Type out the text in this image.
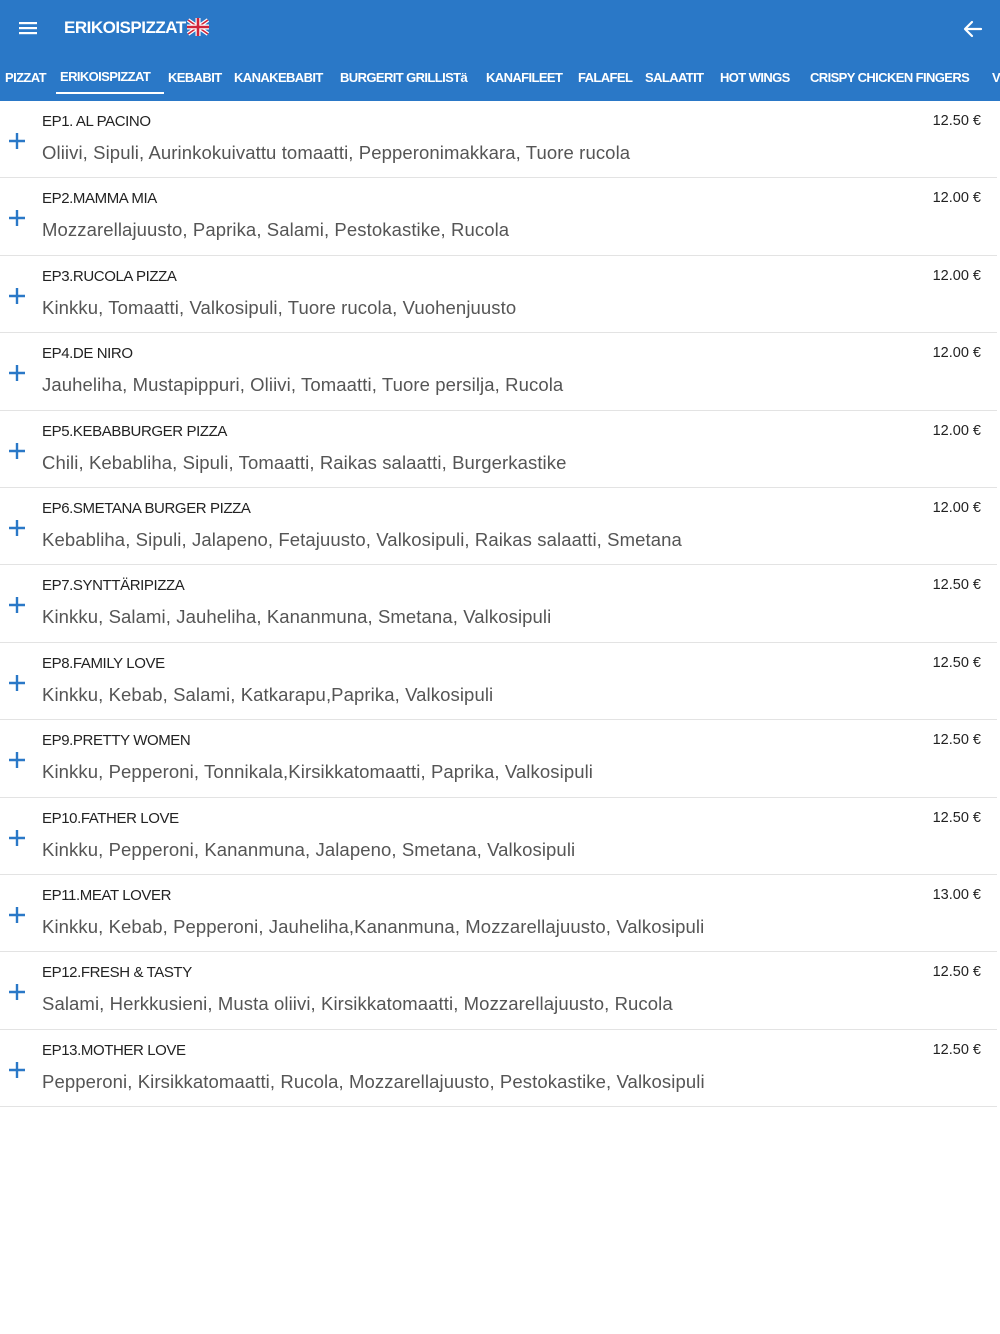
ERIKOISPIZZAT
PIZZAT ERIKOISPIZZAT KEBABIT KANAKEBABIT BURGERIT GRILLISTä KANAFILEET FALAFEL SALAATIT HOT WINGS CRISPY CHICKEN FINGERS V
EP1. AL PACINO
Oliivi, Sipuli, Aurinkokuivattu tomaatti, Pepperonimakkara, Tuore rucola
12.50 €
EP2.MAMMA MIA
Mozzarellajuusto, Paprika, Salami, Pestokastike, Rucola
12.00 €
EP3.RUCOLA PIZZA
Kinkku, Tomaatti, Valkosipuli, Tuore rucola, Vuohenjuusto
12.00 €
EP4.DE NIRO
Jauheliha, Mustapippuri, Oliivi, Tomaatti, Tuore persilja, Rucola
12.00 €
EP5.KEBABBURGER PIZZA
Chili, Kebabliha, Sipuli, Tomaatti, Raikas salaatti, Burgerkastike
12.00 €
EP6.SMETANA BURGER PIZZA
Kebabliha, Sipuli, Jalapeno, Fetajuusto, Valkosipuli, Raikas salaatti, Smetana
12.00 €
EP7.SYNTTÄRIPIZZA
Kinkku, Salami, Jauheliha, Kananmuna, Smetana, Valkosipuli
12.50 €
EP8.FAMILY LOVE
Kinkku, Kebab, Salami, Katkarapu,Paprika, Valkosipuli
12.50 €
EP9.PRETTY WOMEN
Kinkku, Pepperoni, Tonnikala,Kirsikkatomaatti, Paprika, Valkosipuli
12.50 €
EP10.FATHER LOVE
Kinkku, Pepperoni, Kananmuna, Jalapeno, Smetana, Valkosipuli
12.50 €
EP11.MEAT LOVER
Kinkku, Kebab, Pepperoni, Jauheliha,Kananmuna, Mozzarellajuusto, Valkosipuli
13.00 €
EP12.FRESH & TASTY
Salami, Herkkusieni, Musta oliivi, Kirsikkatomaatti, Mozzarellajuusto, Rucola
12.50 €
EP13.MOTHER LOVE
Pepperoni, Kirsikkatomaatti, Rucola, Mozzarellajuusto, Pestokastike, Valkosipuli
12.50 €
